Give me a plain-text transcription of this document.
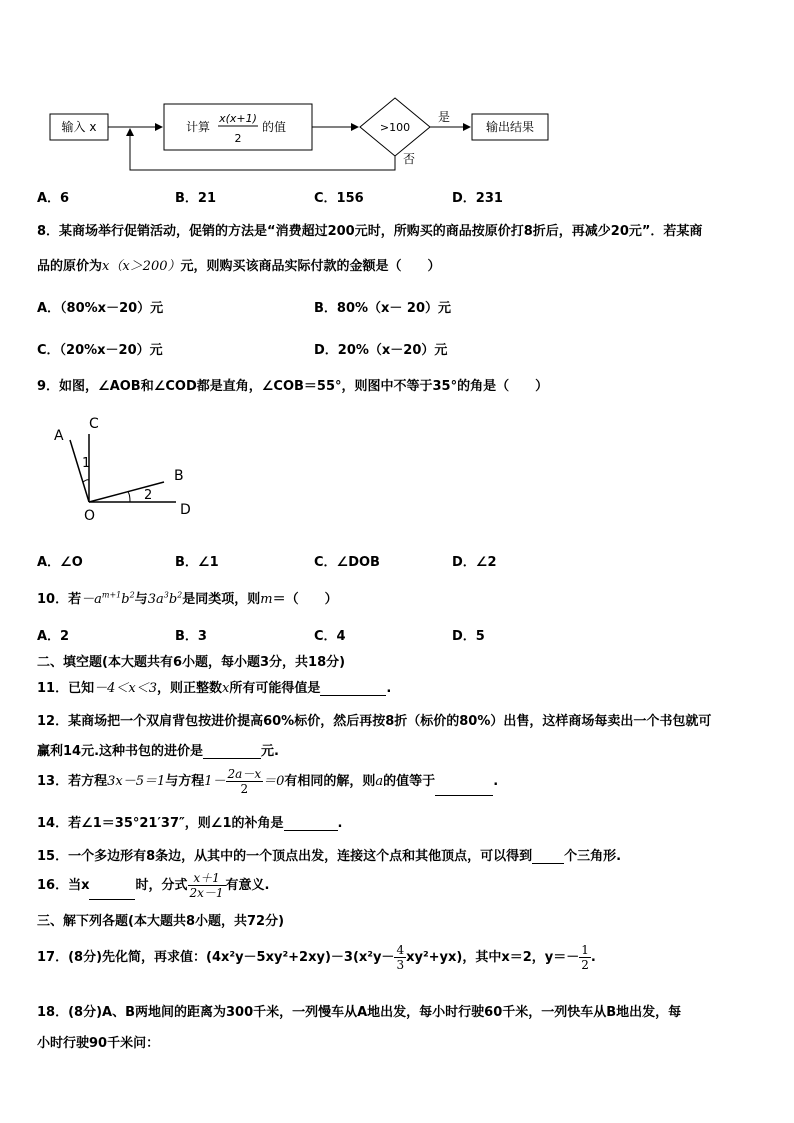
输入 x	计算
x(x+1)
2
的值	>100
是
输出结果
否
A．6	B．21	C．156	D．231
8．某商场举行促销活动，促销的方法是“消费超过200元时，所购买的商品按原价打8折后，再减少20元”．若某商
品的原价为x（x＞200）元，则购买该商品实际付款的金额是（　　）
A．（80%x－20）元	B．80%（x－ 20）元
C．（20%x－20）元	D．20%（x－20）元
9．如图，∠AOB和∠COD都是直角，∠COB＝55°，则图中不等于35°的角是（　　）
A
C
B
O	D
1
2
A．∠O	B．∠1	C．∠DOB	D．∠2
10．若$-a^{m+1}b^2$与$3a^3b^2$是同类项，则m＝（　　）
A．2	B．3	C．4	D．5
二、填空题(本大题共有6小题，每小题3分，共18分)
11．已知－4＜x＜3，则正整数x所有可能得值是	.
12．某商场把一个双肩背包按进价提高60%标价，然后再按8折（标价的80%）出售，这样商场每卖出一个书包就可
赢利14元.这种书包的进价是	元.
13．若方程3x－5＝1与方程$1- \frac{2a-x}{2} =0$有相同的解，则a的值等于	.
14．若∠1＝35°21′37″，则∠1的补角是	.
15．一个多边形有8条边，从其中的一个顶点出发，连接这个点和其他顶点，可以得到 个三角形.
16．当x	时，分式 $\frac{x+1}{2x-1}$ 有意义.
三、解下列各题(本大题共8小题，共72分)
17．(8分)先化简，再求值：$(4x^2y-5xy^2+2xy)-3(x^2y- \frac{4}{3} xy^2+yx)$，其中x＝2，$y=- \frac{1}{2}$ .
18．(8分)A、B两地间的距离为300千米，一列慢车从A地出发，每小时行驶60千米，一列快车从B地出发，每
小时行驶90千米问：
